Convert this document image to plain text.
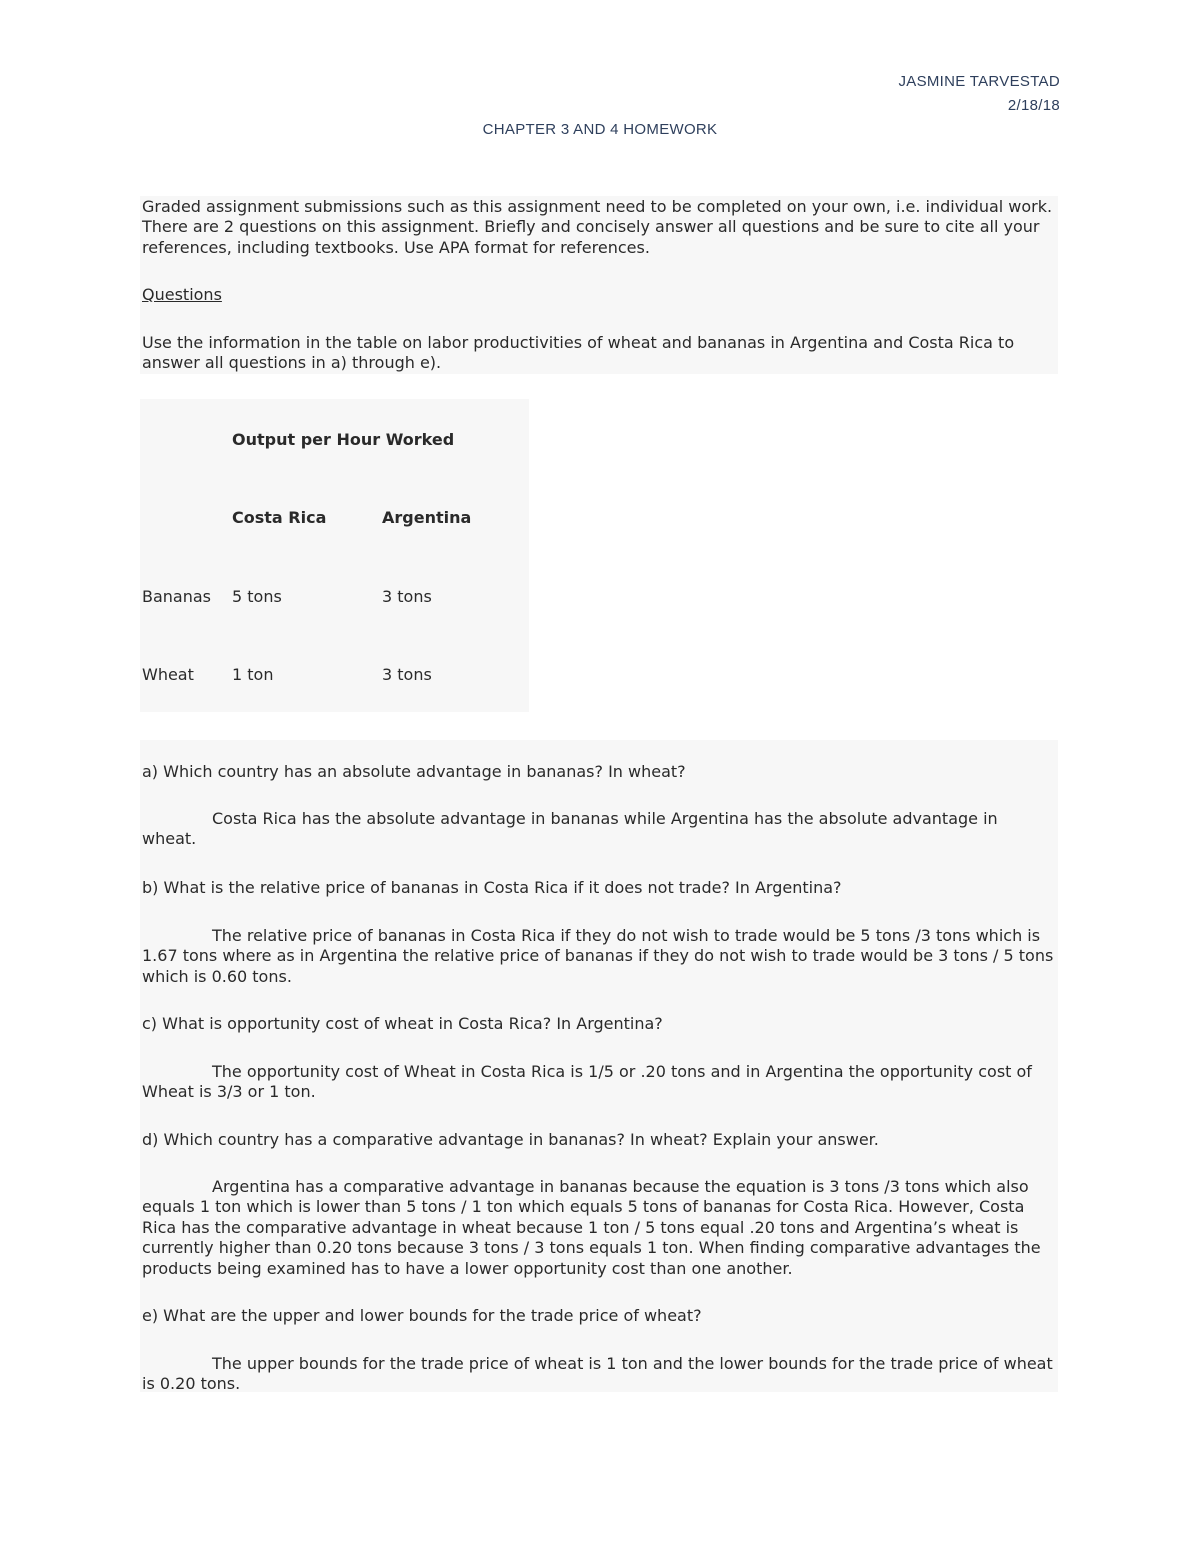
JASMINE TARVESTAD
2/18/18
CHAPTER 3 AND 4 HOMEWORK
Graded assignment submissions such as this assignment need to be completed on your own, i.e. individual work. There are 2 questions on this assignment. Briefly and concisely answer all questions and be sure to cite all your references, including textbooks. Use APA format for references.
Questions
Use the information in the table on labor productivities of wheat and bananas in Argentina and Costa Rica to answer all questions in a) through e).
Output per Hour Worked
Costa Rica	Argentina
Bananas 5 tons	3 tons
Wheat 1 ton	3 tons
a) Which country has an absolute advantage in bananas? In wheat?
Costa Rica has the absolute advantage in bananas while Argentina has the absolute advantage in wheat.
b) What is the relative price of bananas in Costa Rica if it does not trade? In Argentina?
The relative price of bananas in Costa Rica if they do not wish to trade would be 5 tons /3 tons which is 1.67 tons where as in Argentina the relative price of bananas if they do not wish to trade would be 3 tons / 5 tons which is 0.60 tons.
c) What is opportunity cost of wheat in Costa Rica? In Argentina?
The opportunity cost of Wheat in Costa Rica is 1/5 or .20 tons and in Argentina the opportunity cost of Wheat is 3/3 or 1 ton.
d) Which country has a comparative advantage in bananas? In wheat? Explain your answer.
Argentina has a comparative advantage in bananas because the equation is 3 tons /3 tons which also equals 1 ton which is lower than 5 tons / 1 ton which equals 5 tons of bananas for Costa Rica. However, Costa Rica has the comparative advantage in wheat because 1 ton / 5 tons equal .20 tons and Argentina’s wheat is currently higher than 0.20 tons because 3 tons / 3 tons equals 1 ton. When finding comparative advantages the products being examined has to have a lower opportunity cost than one another.
e) What are the upper and lower bounds for the trade price of wheat?
The upper bounds for the trade price of wheat is 1 ton and the lower bounds for the trade price of wheat is 0.20 tons.
